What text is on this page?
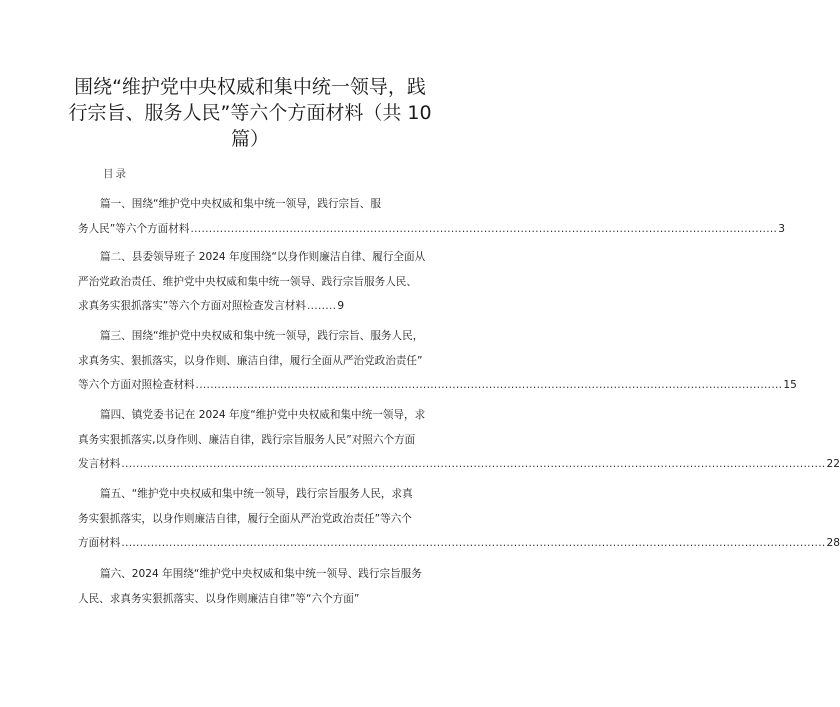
围绕“维护党中央权威和集中统一领导，践
行宗旨、服务人民”等六个方面材料（共 10
篇）
目录
篇一、围绕“维护党中央权威和集中统一领导，践行宗旨、服
务人民”等六个方面材料 ................................................................................................................................................................ 3
篇二、县委领导班子 2024 年度围绕“以身作则廉洁自律、履行全面从
严治党政治责任、维护党中央权威和集中统一领导、践行宗旨服务人民、
求真务实狠抓落实”等六个方面对照检查发言材料 ........ 9
篇三、围绕“维护党中央权威和集中统一领导，践行宗旨、服务人民，
求真务实、狠抓落实，以身作则、廉洁自律，履行全面从严治党政治责任”
等六个方面对照检查材料 ................................................................................................................................................................ 15
篇四、镇党委书记在 2024 年度“维护党中央权威和集中统一领导，求
真务实狠抓落实,以身作则、廉洁自律，践行宗旨服务人民”对照六个方面
发言材料 ................................................................................................................................................................................................ 22
篇五、“维护党中央权威和集中统一领导，践行宗旨服务人民，求真
务实狠抓落实，以身作则廉洁自律，履行全面从严治党政治责任”等六个
方面材料 ................................................................................................................................................................................................ 28
篇六、2024 年围绕“维护党中央权威和集中统一领导、践行宗旨服务
人民、求真务实狠抓落实、以身作则廉洁自律”等“六个方面”
